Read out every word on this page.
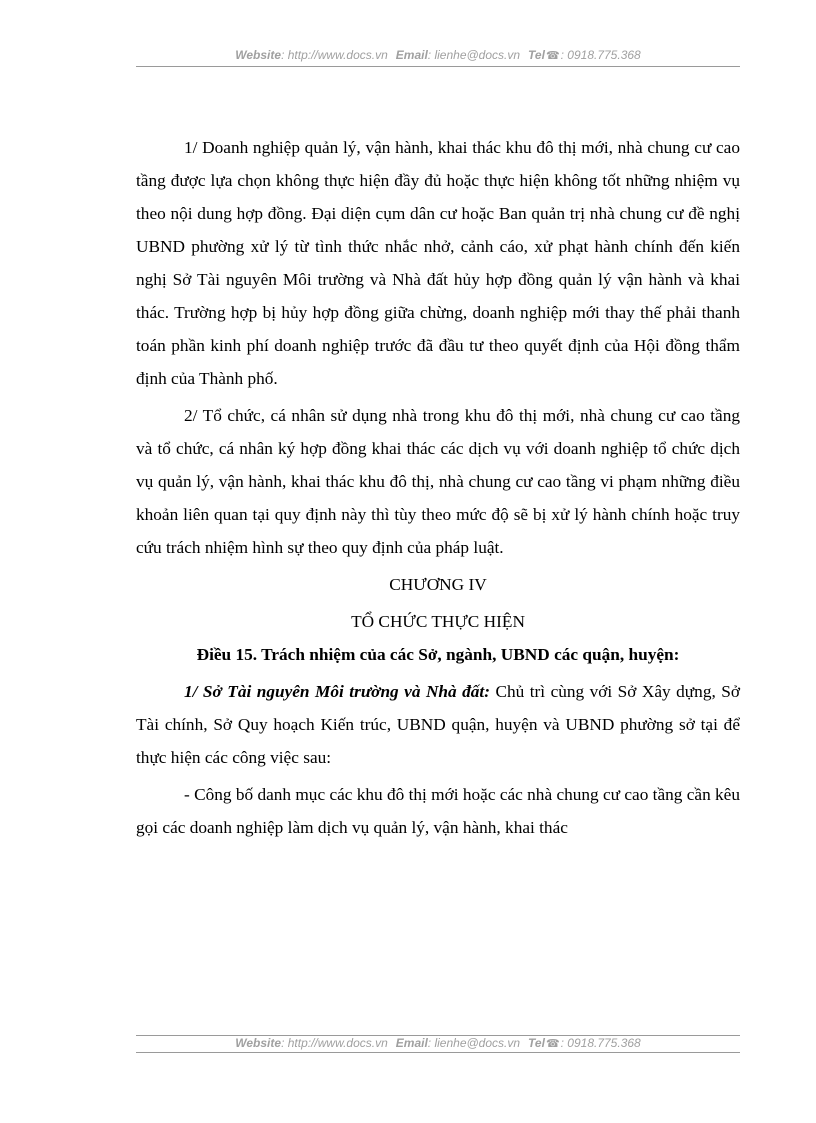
Website: http://www.docs.vn Email: lienhe@docs.vn Tel☎: 0918.775.368

1/ Doanh nghiệp quản lý, vận hành, khai thác khu đô thị mới, nhà chung cư cao tầng được lựa chọn không thực hiện đầy đủ hoặc thực hiện không tốt những nhiệm vụ theo nội dung hợp đồng. Đại diện cụm dân cư hoặc Ban quản trị nhà chung cư đề nghị UBND phường xử lý từ tình thức nhắc nhở, cảnh cáo, xử phạt hành chính đến kiến nghị Sở Tài nguyên Môi trường và Nhà đất hủy hợp đồng quản lý vận hành và khai thác. Trường hợp bị hủy hợp đồng giữa chừng, doanh nghiệp mới thay thế phải thanh toán phần kinh phí doanh nghiệp trước đã đầu tư theo quyết định của Hội đồng thẩm định của Thành phố.

2/ Tổ chức, cá nhân sử dụng nhà trong khu đô thị mới, nhà chung cư cao tầng và tổ chức, cá nhân ký hợp đồng khai thác các dịch vụ với doanh nghiệp tổ chức dịch vụ quản lý, vận hành, khai thác khu đô thị, nhà chung cư cao tầng vi phạm những điều khoản liên quan tại quy định này thì tùy theo mức độ sẽ bị xử lý hành chính hoặc truy cứu trách nhiệm hình sự theo quy định của pháp luật.

CHƯƠNG IV

TỔ CHỨC THỰC HIỆN

Điều 15. Trách nhiệm của các Sở, ngành, UBND các quận, huyện:

1/ Sở Tài nguyên Môi trường và Nhà đất: Chủ trì cùng với Sở Xây dựng, Sở Tài chính, Sở Quy hoạch Kiến trúc, UBND quận, huyện và UBND phường sở tại để thực hiện các công việc sau:

- Công bố danh mục các khu đô thị mới hoặc các nhà chung cư cao tầng cần kêu gọi các doanh nghiệp làm dịch vụ quản lý, vận hành, khai thác

Website: http://www.docs.vn Email: lienhe@docs.vn Tel☎: 0918.775.368
